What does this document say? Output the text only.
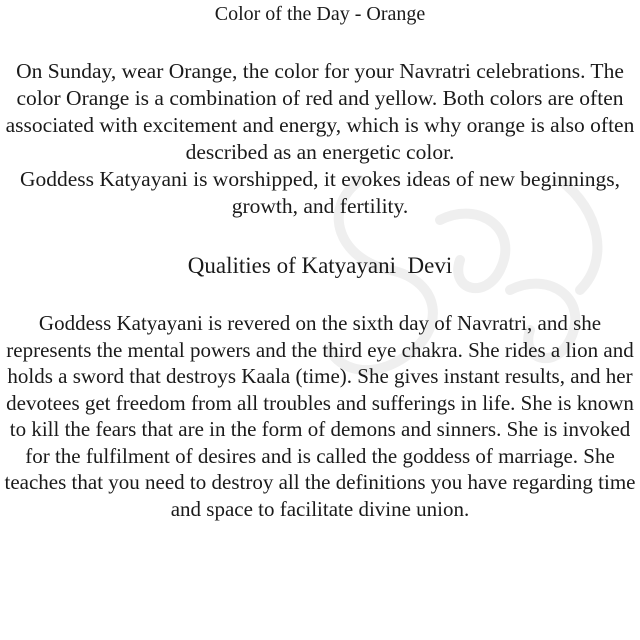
Color of the Day - Orange

On Sunday, wear Orange, the color for your Navratri celebrations. The color Orange is a combination of red and yellow. Both colors are often associated with excitement and energy, which is why orange is also often described as an energetic color.

Goddess Katyayani is worshipped, it evokes ideas of new beginnings, growth, and fertility.

Qualities of Katyayani  Devi

Goddess Katyayani is revered on the sixth day of Navratri, and she represents the mental powers and the third eye chakra. She rides a lion and holds a sword that destroys Kaala (time). She gives instant results, and her devotees get freedom from all troubles and sufferings in life. She is known to kill the fears that are in the form of demons and sinners. She is invoked for the fulfilment of desires and is called the goddess of marriage. She teaches that you need to destroy all the definitions you have regarding time and space to facilitate divine union.
